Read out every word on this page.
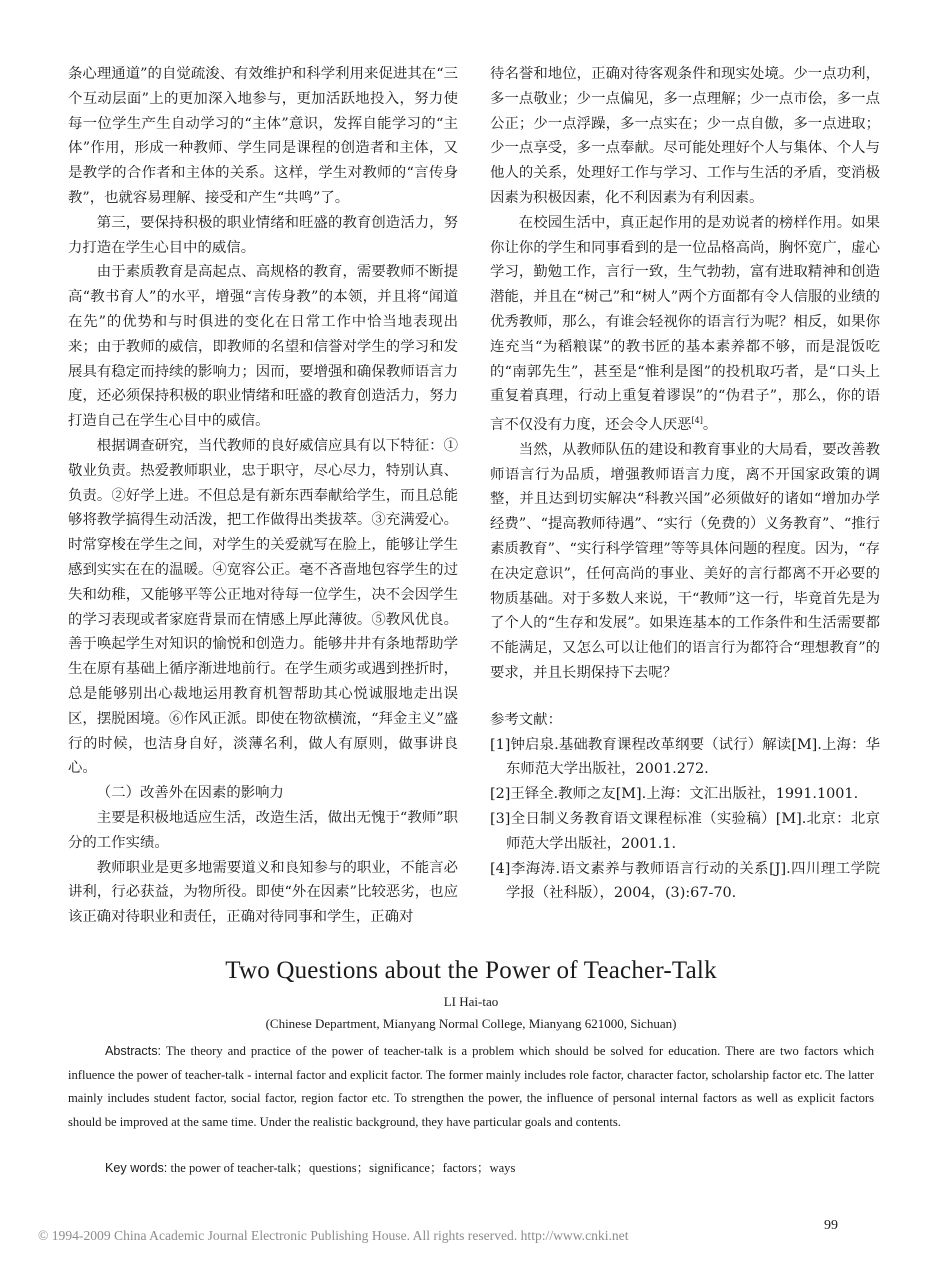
条心理通道”的自觉疏浚、有效维护和科学利用来促进其在“三个互动层面”上的更加深入地参与，更加活跃地投入，努力使每一位学生产生自动学习的“主体”意识，发挥自能学习的“主体”作用，形成一种教师、学生同是课程的创造者和主体，又是教学的合作者和主体的关系。这样，学生对教师的“言传身教”，也就容易理解、接受和产生“共鸣”了。

第三，要保持积极的职业情绪和旺盛的教育创造活力，努力打造在学生心目中的威信。

由于素质教育是高起点、高规格的教育，需要教师不断提高“教书育人”的水平，增强“言传身教”的本领，并且将“闻道在先”的优势和与时俱进的变化在日常工作中恰当地表现出来；由于教师的威信，即教师的名望和信誉对学生的学习和发展具有稳定而持续的影响力；因而，要增强和确保教师语言力度，还必须保持积极的职业情绪和旺盛的教育创造活力，努力打造自己在学生心目中的威信。

根据调查研究，当代教师的良好威信应具有以下特征：①敬业负责。热爱教师职业，忠于职守，尽心尽力，特别认真、负责。②好学上进。不但总是有新东西奉献给学生，而且总能够将教学搞得生动活泼，把工作做得出类拔萃。③充满爱心。时常穿梭在学生之间，对学生的关爱就写在脸上，能够让学生感到实实在在的温暖。④宽容公正。毫不吝啬地包容学生的过失和幼稚，又能够平等公正地对待每一位学生，决不会因学生的学习表现或者家庭背景而在情感上厚此薄彼。⑤教风优良。善于唤起学生对知识的愉悦和创造力。能够井井有条地帮助学生在原有基础上循序渐进地前行。在学生顽劣或遇到挫折时，总是能够别出心裁地运用教育机智帮助其心悦诚服地走出误区，摆脱困境。⑥作风正派。即使在物欲横流，“拜金主义”盛行的时候，也洁身自好，淡薄名利，做人有原则，做事讲良心。

（二）改善外在因素的影响力

主要是积极地适应生活，改造生活，做出无愧于“教师”职分的工作实绩。

教师职业是更多地需要道义和良知参与的职业，不能言必讲利，行必获益，为物所役。即使“外在因素”比较恶劣，也应该正确对待职业和责任，正确对待同事和学生，正确对

待名誉和地位，正确对待客观条件和现实处境。少一点功利，多一点敬业；少一点偏见，多一点理解；少一点市侩，多一点公正；少一点浮躁，多一点实在；少一点自傲，多一点进取；少一点享受，多一点奉献。尽可能处理好个人与集体、个人与他人的关系，处理好工作与学习、工作与生活的矛盾，变消极因素为积极因素，化不利因素为有利因素。

在校园生活中，真正起作用的是劝说者的榜样作用。如果你让你的学生和同事看到的是一位品格高尚，胸怀宽广，虚心学习，勤勉工作，言行一致，生气勃勃，富有进取精神和创造潜能，并且在“树己”和“树人”两个方面都有令人信服的业绩的优秀教师，那么，有谁会轻视你的语言行为呢？相反，如果你连充当“为稻粮谋”的教书匠的基本素养都不够，而是混饭吃的“南郭先生”，甚至是“惟利是图”的投机取巧者，是“口头上重复着真理，行动上重复着谬误”的“伪君子”，那么，你的语言不仅没有力度，还会令人厌恶[4]。

当然，从教师队伍的建设和教育事业的大局看，要改善教师语言行为品质，增强教师语言力度，离不开国家政策的调整，并且达到切实解决“科教兴国”必须做好的诸如“增加办学经费”、“提高教师待遇”、“实行（免费的）义务教育”、“推行素质教育”、“实行科学管理”等等具体问题的程度。因为，“存在决定意识”，任何高尚的事业、美好的言行都离不开必要的物质基础。对于多数人来说，干“教师”这一行，毕竟首先是为了个人的“生存和发展”。如果连基本的工作条件和生活需要都不能满足，又怎么可以让他们的语言行为都符合“理想教育”的要求，并且长期保持下去呢？

参考文献：

[1]钟启泉.基础教育课程改革纲要（试行）解读[M].上海：华东师范大学出版社，2001.272.

[2]王铎全.教师之友[M].上海：文汇出版社，1991.1001.

[3]全日制义务教育语文课程标准（实验稿）[M].北京：北京师范大学出版社，2001.1.

[4]李海涛.语文素养与教师语言行动的关系[J].四川理工学院学报（社科版），2004，(3):67-70.

Two Questions about the Power of Teacher-Talk
LI Hai-tao
(Chinese Department, Mianyang Normal College, Mianyang 621000, Sichuan)
Abstracts: The theory and practice of the power of teacher-talk is a problem which should be solved for education. There are two factors which influence the power of teacher-talk - internal factor and explicit factor. The former mainly includes role factor, character factor, scholarship factor etc. The latter mainly includes student factor, social factor, region factor etc. To strengthen the power, the influence of personal internal factors as well as explicit factors should be improved at the same time. Under the realistic background, they have particular goals and contents.
Key words: the power of teacher-talk；questions；significance；factors；ways
© 1994-2009 China Academic Journal Electronic Publishing House. All rights reserved. http://www.cnki.net
99
